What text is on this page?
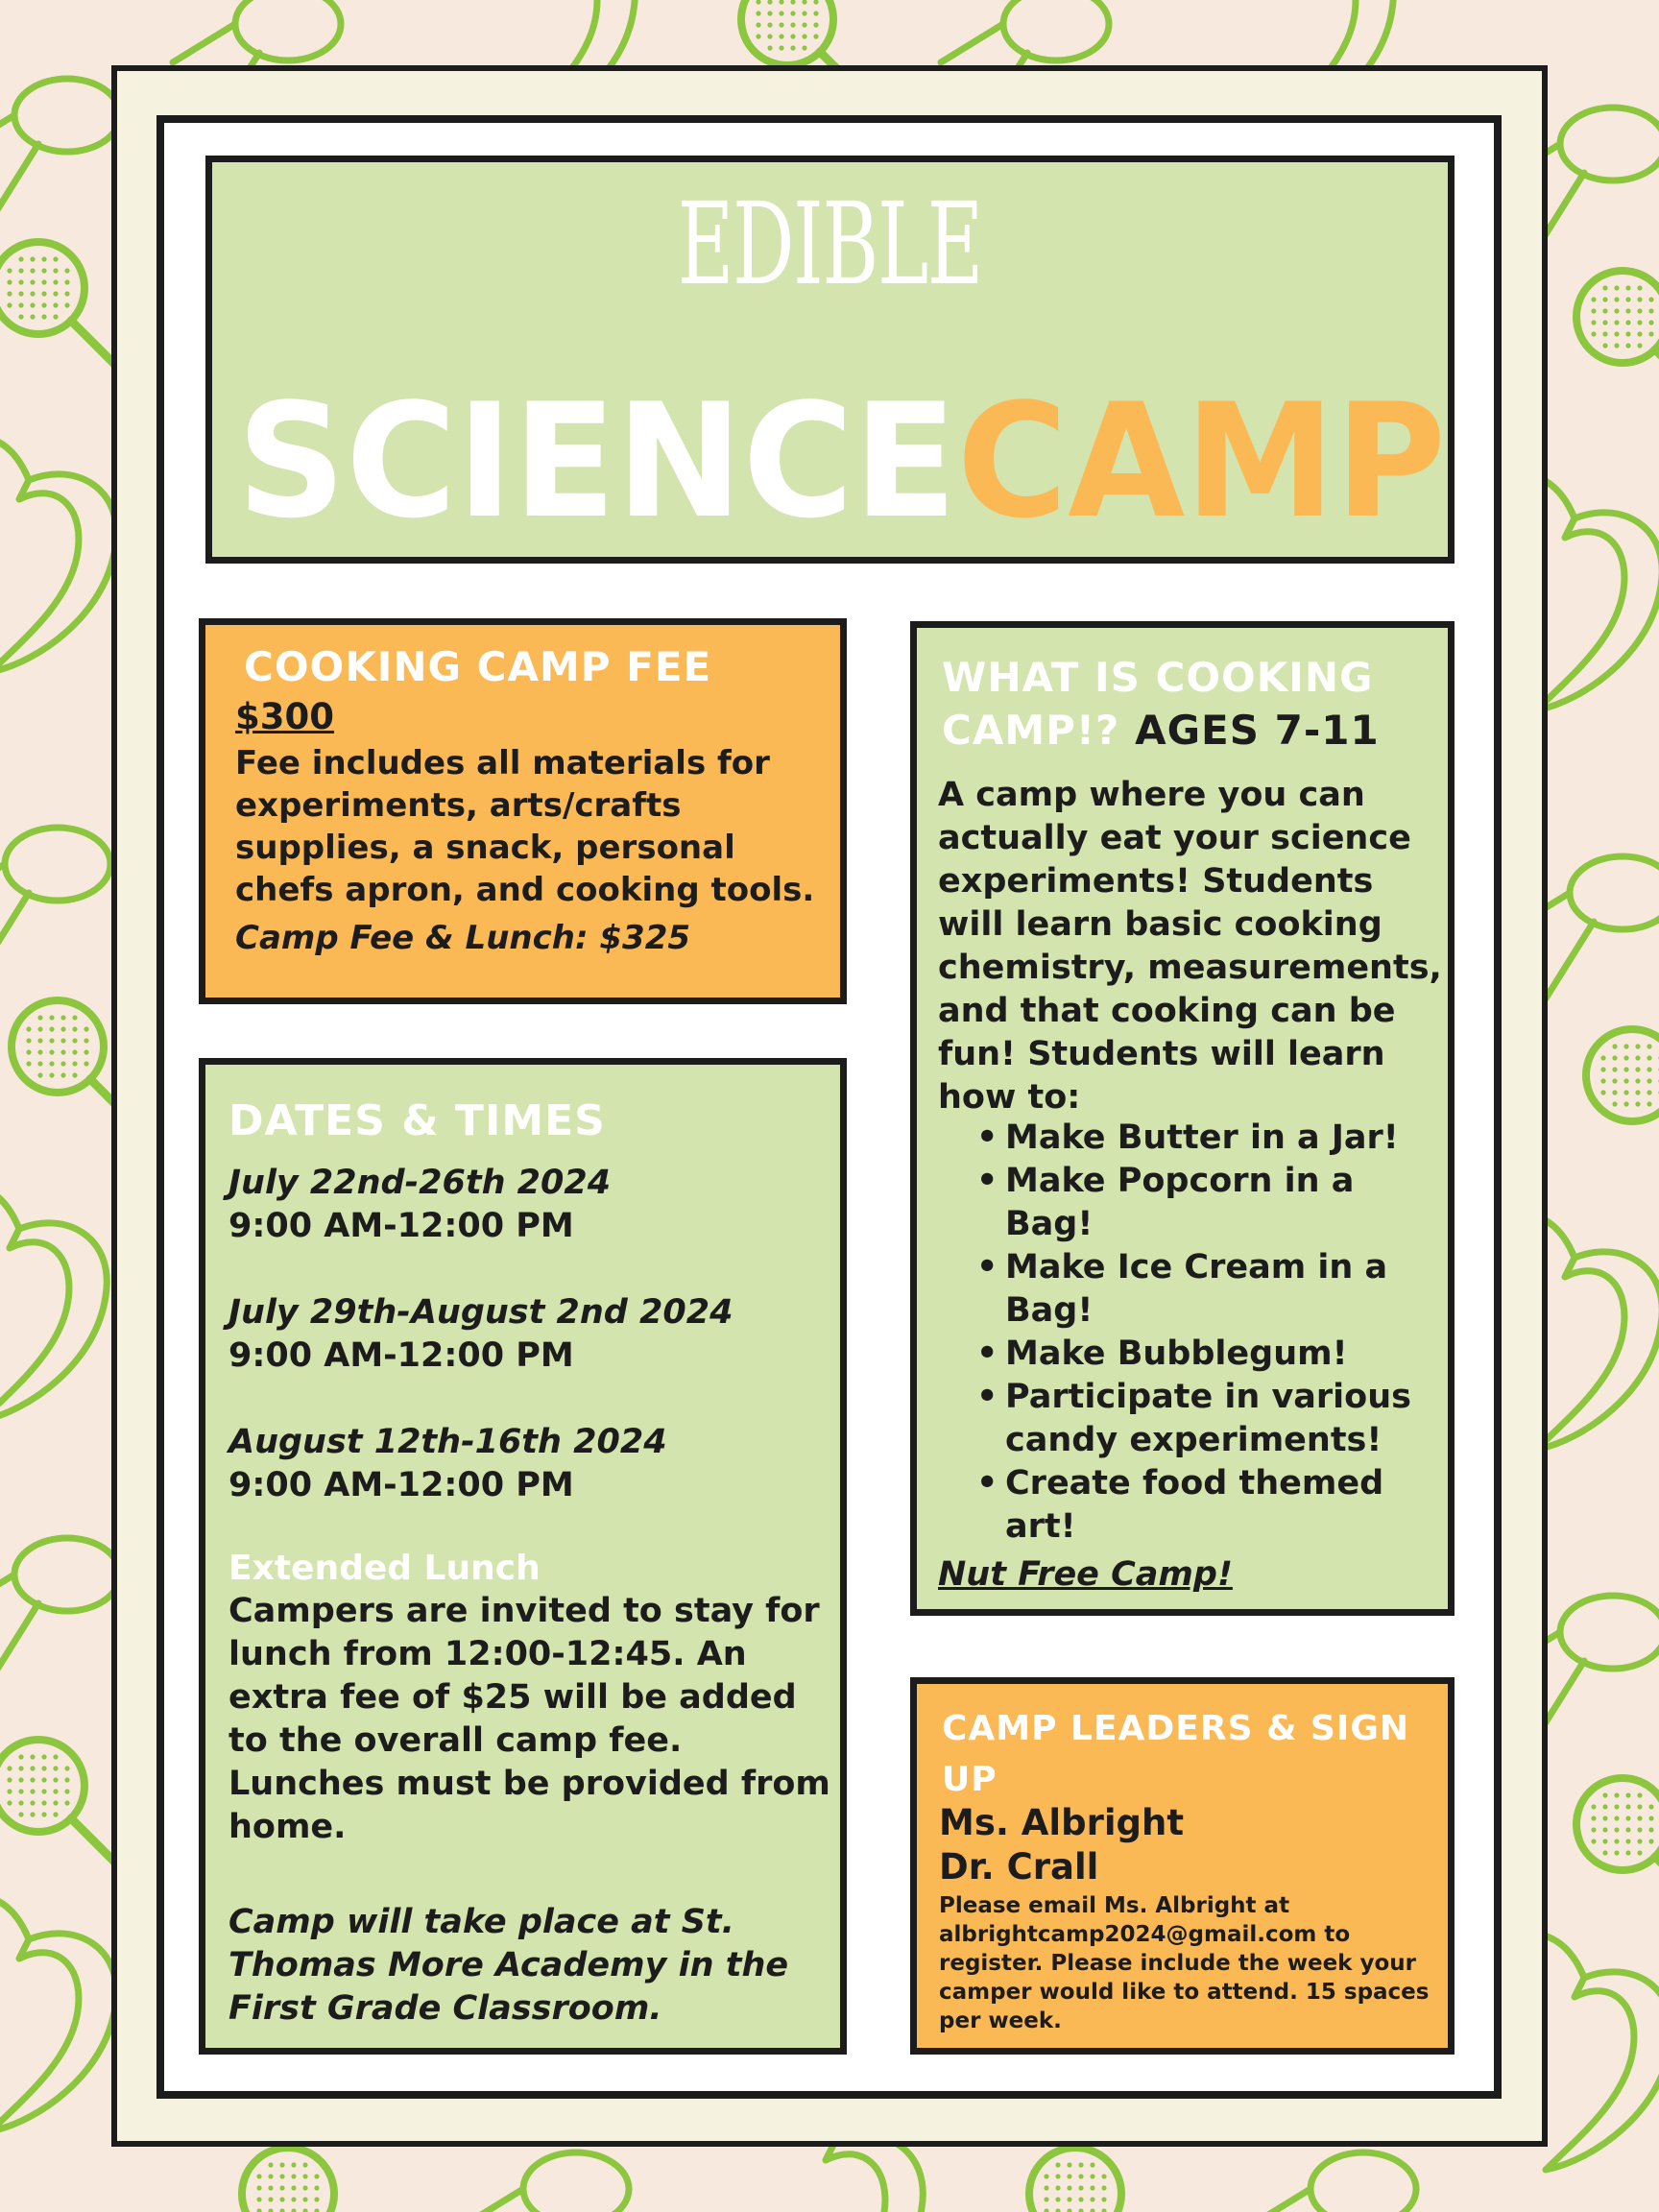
EDIBLE
SCIENCECAMP
COOKING CAMP FEE
$300
Fee includes all materials for experiments, arts/crafts supplies, a snack, personal chefs apron, and cooking tools.
Camp Fee & Lunch: $325
DATES & TIMES
July 22nd-26th 2024
9:00 AM-12:00 PM
July 29th-August 2nd 2024
9:00 AM-12:00 PM
August 12th-16th 2024
9:00 AM-12:00 PM
Extended Lunch
Campers are invited to stay for lunch from 12:00-12:45. An extra fee of $25 will be added to the overall camp fee. Lunches must be provided from home.
Camp will take place at St. Thomas More Academy in the First Grade Classroom.
WHAT IS COOKING CAMP!? AGES 7-11
A camp where you can actually eat your science experiments! Students will learn basic cooking chemistry, measurements, and that cooking can be fun! Students will learn how to:
• Make Butter in a Jar!
• Make Popcorn in a Bag!
• Make Ice Cream in a Bag!
• Make Bubblegum!
• Participate in various candy experiments!
• Create food themed art!
Nut Free Camp!
CAMP LEADERS & SIGN UP
Ms. Albright
Dr. Crall
Please email Ms. Albright at albrightcamp2024@gmail.com to register. Please include the week your camper would like to attend. 15 spaces per week.
